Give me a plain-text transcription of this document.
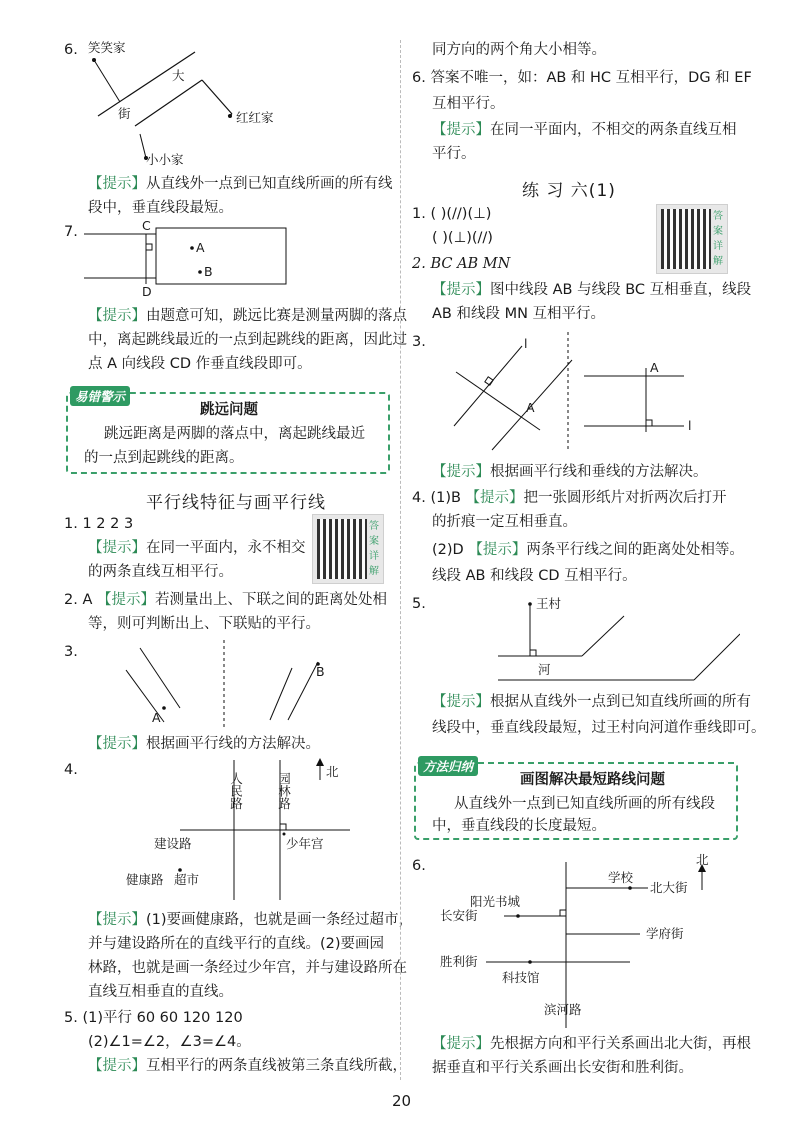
6. 笑笑家
大
街	红红家
小小家
【提示】从直线外一点到已知直线所画的所有线
段中，垂直线段最短。
7.	C
D
A
B
【提示】由题意可知，跳远比赛是测量两脚的落点
中，离起跳线最近的一点到起跳线的距离，因此过
点 A 向线段 CD 作垂直线段即可。
易错警示
跳远问题
跳远距离是两脚的落点中，离起跳线最近
的一点到起跳线的距离。
平行线特征与画平行线
1. 1 2 2 3
【提示】在同一平面内，永不相交
的两条直线互相平行。
答案详解
2. A 【提示】若测量出上、下联之间的距离处处相
等，则可判断出上、下联贴的平行。
3.
A
B
【提示】根据画平行线的方法解决。
4.
人民路	园林路
北
建设路	少年宫
健康路 超市
【提示】(1)要画健康路，也就是画一条经过超市，
并与建设路所在的直线平行的直线。(2)要画园
林路，也就是画一条经过少年宫，并与建设路所在
直线互相垂直的直线。
5. (1)平行 60 60 120 120
(2)∠1=∠2，∠3=∠4。
【提示】互相平行的两条直线被第三条直线所截，
同方向的两个角大小相等。
6. 答案不唯一，如：AB 和 HC 互相平行，DG 和 EF
互相平行。
【提示】在同一平面内，不相交的两条直线互相
平行。
练 习 六(1)
1. ( )(//)(⊥)
( )(⊥)(//)
答案详解
2. BC AB MN
【提示】图中线段 AB 与线段 BC 互相垂直，线段
AB 和线段 MN 互相平行。
3.	l
A
A
l
【提示】根据画平行线和垂线的方法解决。
4. (1)B 【提示】把一张圆形纸片对折两次后打开
的折痕一定互相垂直。
(2)D 【提示】两条平行线之间的距离处处相等。
线段 AB 和线段 CD 互相平行。
5.	王村
河
【提示】根据从直线外一点到已知直线所画的所有
线段中，垂直线段最短，过王村向河道作垂线即可。
方法归纳
画图解决最短路线问题
从直线外一点到已知直线所画的所有线段
中，垂直线段的长度最短。
6.	北
学校
北大街
阳光书城
长安街
学府街
胜利街
科技馆
滨河路
【提示】先根据方向和平行关系画出北大街，再根
据垂直和平行关系画出长安街和胜利街。
20
